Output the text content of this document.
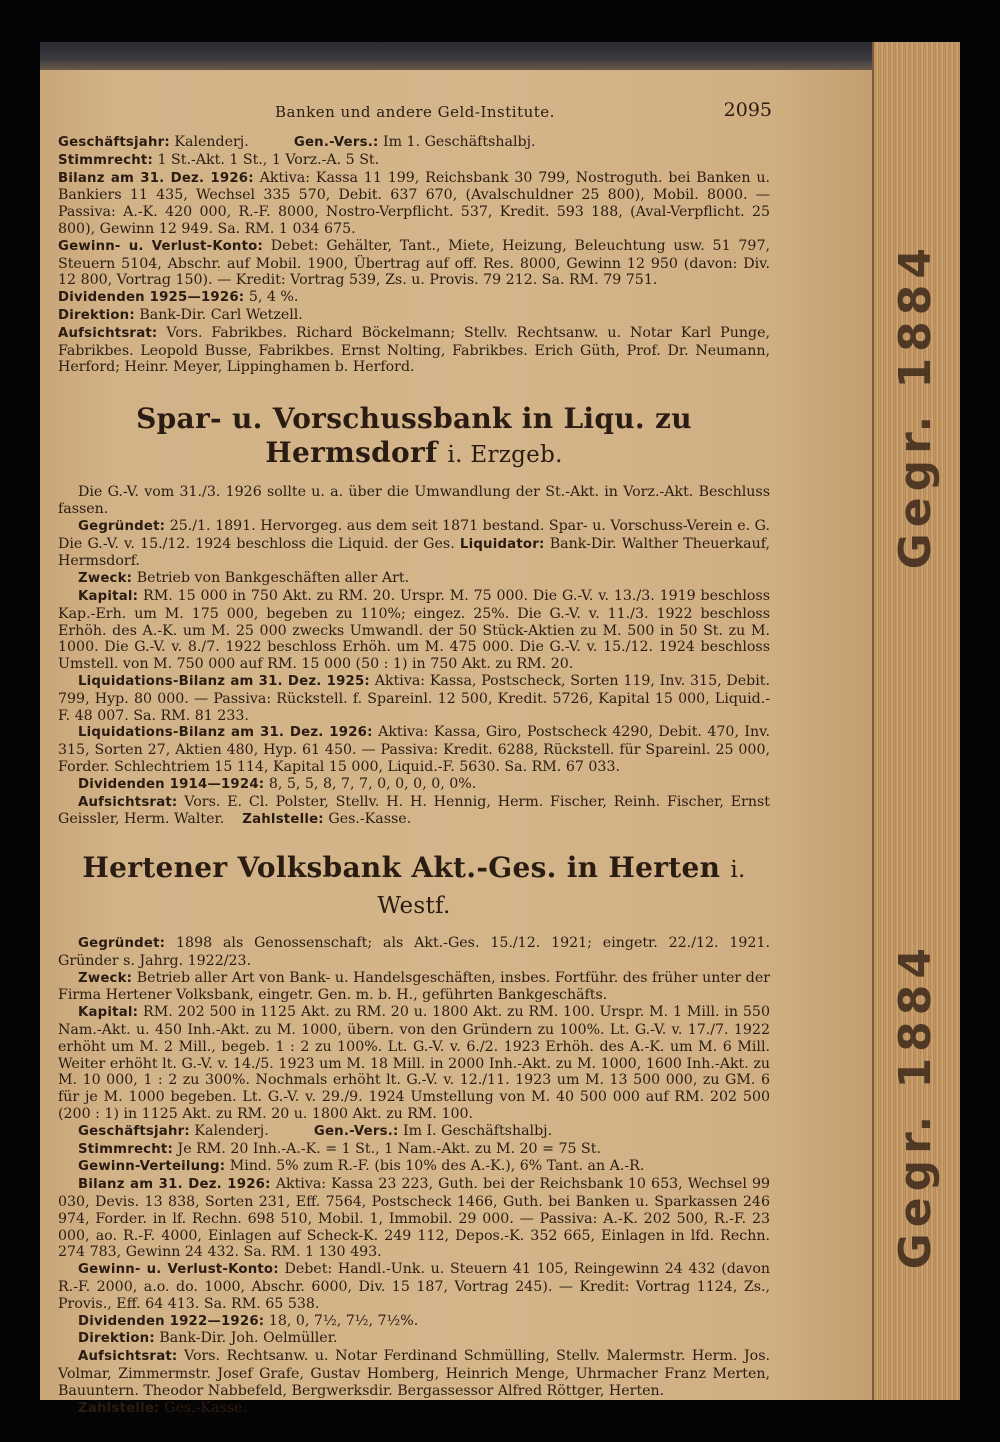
Gegr. 1884
Gegr. 1884
Banken und andere Geld-Institute.	2095

Geschäftsjahr: Kalenderj.	Gen.-Vers.: Im 1. Geschäftshalbj.

Stimmrecht: 1 St.-Akt. 1 St., 1 Vorz.-A. 5 St.

Bilanz am 31. Dez. 1926: Aktiva: Kassa 11 199, Reichsbank 30 799, Nostroguth. bei Banken u. Bankiers 11 435, Wechsel 335 570, Debit. 637 670, (Avalschuldner 25 800), Mobil. 8000. — Passiva: A.-K. 420 000, R.-F. 8000, Nostro-Verpflicht. 537, Kredit. 593 188, (Aval-Verpflicht. 25 800), Gewinn 12 949. Sa. RM. 1 034 675.

Gewinn- u. Verlust-Konto: Debet: Gehälter, Tant., Miete, Heizung, Beleuchtung usw. 51 797, Steuern 5104, Abschr. auf Mobil. 1900, Übertrag auf off. Res. 8000, Gewinn 12 950 (davon: Div. 12 800, Vortrag 150). — Kredit: Vortrag 539, Zs. u. Provis. 79 212. Sa. RM. 79 751.

Dividenden 1925—1926: 5, 4 %.

Direktion: Bank-Dir. Carl Wetzell.

Aufsichtsrat: Vors. Fabrikbes. Richard Böckelmann; Stellv. Rechtsanw. u. Notar Karl Punge, Fabrikbes. Leopold Busse, Fabrikbes. Ernst Nolting, Fabrikbes. Erich Güth, Prof. Dr. Neumann, Herford; Heinr. Meyer, Lippinghamen b. Herford.

Spar- u. Vorschussbank in Liqu. zu Hermsdorf i. Erzgeb.

Die G.-V. vom 31./3. 1926 sollte u. a. über die Umwandlung der St.-Akt. in Vorz.-Akt. Beschluss fassen.

Gegründet: 25./1. 1891. Hervorgeg. aus dem seit 1871 bestand. Spar- u. Vorschuss-Verein e. G. Die G.-V. v. 15./12. 1924 beschloss die Liquid. der Ges. Liquidator: Bank-Dir. Walther Theuerkauf, Hermsdorf.

Zweck: Betrieb von Bankgeschäften aller Art.

Kapital: RM. 15 000 in 750 Akt. zu RM. 20. Urspr. M. 75 000. Die G.-V. v. 13./3. 1919 beschloss Kap.-Erh. um M. 175 000, begeben zu 110%; eingez. 25%. Die G.-V. v. 11./3. 1922 beschloss Erhöh. des A.-K. um M. 25 000 zwecks Umwandl. der 50 Stück-Aktien zu M. 500 in 50 St. zu M. 1000. Die G.-V. v. 8./7. 1922 beschloss Erhöh. um M. 475 000. Die G.-V. v. 15./12. 1924 beschloss Umstell. von M. 750 000 auf RM. 15 000 (50 : 1) in 750 Akt. zu RM. 20.

Liquidations-Bilanz am 31. Dez. 1925: Aktiva: Kassa, Postscheck, Sorten 119, Inv. 315, Debit. 799, Hyp. 80 000. — Passiva: Rückstell. f. Spareinl. 12 500, Kredit. 5726, Kapital 15 000, Liquid.-F. 48 007. Sa. RM. 81 233.

Liquidations-Bilanz am 31. Dez. 1926: Aktiva: Kassa, Giro, Postscheck 4290, Debit. 470, Inv. 315, Sorten 27, Aktien 480, Hyp. 61 450. — Passiva: Kredit. 6288, Rückstell. für Spareinl. 25 000, Forder. Schlechtriem 15 114, Kapital 15 000, Liquid.-F. 5630. Sa. RM. 67 033.

Dividenden 1914—1924: 8, 5, 5, 8, 7, 7, 0, 0, 0, 0, 0%.

Aufsichtsrat: Vors. E. Cl. Polster, Stellv. H. H. Hennig, Herm. Fischer, Reinh. Fischer, Ernst Geissler, Herm. Walter. Zahlstelle: Ges.-Kasse.

Hertener Volksbank Akt.-Ges. in Herten i. Westf.

Gegründet: 1898 als Genossenschaft; als Akt.-Ges. 15./12. 1921; eingetr. 22./12. 1921. Gründer s. Jahrg. 1922/23.

Zweck: Betrieb aller Art von Bank- u. Handelsgeschäften, insbes. Fortführ. des früher unter der Firma Hertener Volksbank, eingetr. Gen. m. b. H., geführten Bankgeschäfts.

Kapital: RM. 202 500 in 1125 Akt. zu RM. 20 u. 1800 Akt. zu RM. 100. Urspr. M. 1 Mill. in 550 Nam.-Akt. u. 450 Inh.-Akt. zu M. 1000, übern. von den Gründern zu 100%. Lt. G.-V. v. 17./7. 1922 erhöht um M. 2 Mill., begeb. 1 : 2 zu 100%. Lt. G.-V. v. 6./2. 1923 Erhöh. des A.-K. um M. 6 Mill. Weiter erhöht lt. G.-V. v. 14./5. 1923 um M. 18 Mill. in 2000 Inh.-Akt. zu M. 1000, 1600 Inh.-Akt. zu M. 10 000, 1 : 2 zu 300%. Nochmals erhöht lt. G.-V. v. 12./11. 1923 um M. 13 500 000, zu GM. 6 für je M. 1000 begeben. Lt. G.-V. v. 29./9. 1924 Umstellung von M. 40 500 000 auf RM. 202 500 (200 : 1) in 1125 Akt. zu RM. 20 u. 1800 Akt. zu RM. 100.

Geschäftsjahr: Kalenderj.	Gen.-Vers.: Im I. Geschäftshalbj.

Stimmrecht: Je RM. 20 Inh.-A.-K. = 1 St., 1 Nam.-Akt. zu M. 20 = 75 St.

Gewinn-Verteilung: Mind. 5% zum R.-F. (bis 10% des A.-K.), 6% Tant. an A.-R.

Bilanz am 31. Dez. 1926: Aktiva: Kassa 23 223, Guth. bei der Reichsbank 10 653, Wechsel 99 030, Devis. 13 838, Sorten 231, Eff. 7564, Postscheck 1466, Guth. bei Banken u. Sparkassen 246 974, Forder. in lf. Rechn. 698 510, Mobil. 1, Immobil. 29 000. — Passiva: A.-K. 202 500, R.-F. 23 000, ao. R.-F. 4000, Einlagen auf Scheck-K. 249 112, Depos.-K. 352 665, Einlagen in lfd. Rechn. 274 783, Gewinn 24 432. Sa. RM. 1 130 493.

Gewinn- u. Verlust-Konto: Debet: Handl.-Unk. u. Steuern 41 105, Reingewinn 24 432 (davon R.-F. 2000, a.o. do. 1000, Abschr. 6000, Div. 15 187, Vortrag 245). — Kredit: Vortrag 1124, Zs., Provis., Eff. 64 413. Sa. RM. 65 538.

Dividenden 1922—1926: 18, 0, 7½, 7½, 7½%.

Direktion: Bank-Dir. Joh. Oelmüller.

Aufsichtsrat: Vors. Rechtsanw. u. Notar Ferdinand Schmülling, Stellv. Malermstr. Herm. Jos. Volmar, Zimmermstr. Josef Grafe, Gustav Homberg, Heinrich Menge, Uhrmacher Franz Merten, Bauuntern. Theodor Nabbefeld, Bergwerksdir. Bergassessor Alfred Röttger, Herten.

Zahlstelle: Ges.-Kasse.
